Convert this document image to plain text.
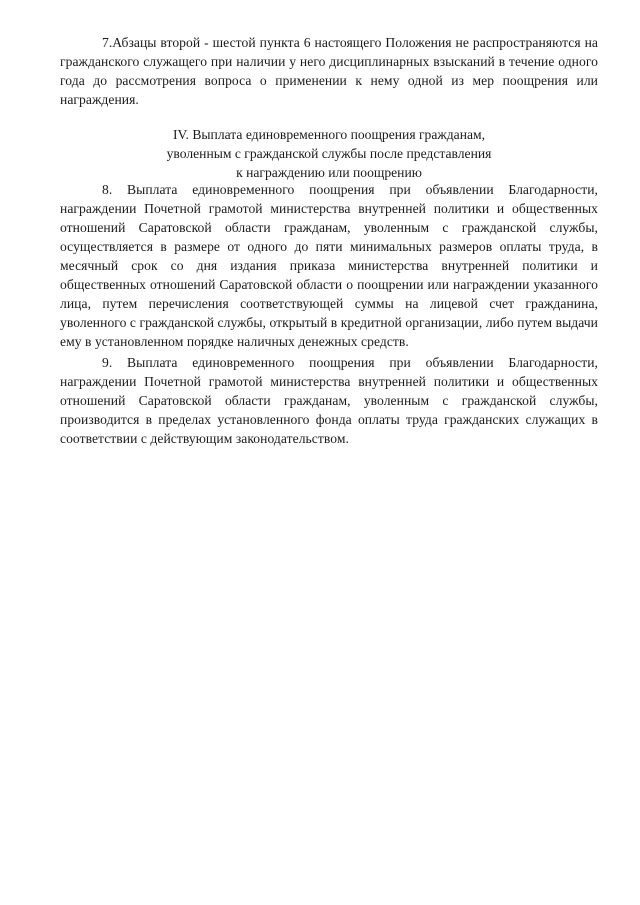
7.Абзацы второй - шестой пункта 6 настоящего Положения не распространяются на гражданского служащего при наличии у него дисциплинарных взысканий в течение одного года до рассмотрения вопроса о применении к нему одной из мер поощрения или награждения.

IV. Выплата единовременного поощрения гражданам,
уволенным с гражданской службы после представления
к награждению или поощрению

8. Выплата единовременного поощрения при объявлении Благодарности, награждении Почетной грамотой министерства внутренней политики и общественных отношений Саратовской области гражданам, уволенным с гражданской службы, осуществляется в размере от одного до пяти минимальных размеров оплаты труда, в месячный срок со дня издания приказа министерства внутренней политики и общественных отношений Саратовской области о поощрении или награждении указанного лица, путем перечисления соответствующей суммы на лицевой счет гражданина, уволенного с гражданской службы, открытый в кредитной организации, либо путем выдачи ему в установленном порядке наличных денежных средств.

9. Выплата единовременного поощрения при объявлении Благодарности, награждении Почетной грамотой министерства внутренней политики и общественных отношений Саратовской области гражданам, уволенным с гражданской службы, производится в пределах установленного фонда оплаты труда гражданских служащих в соответствии с действующим законодательством.
